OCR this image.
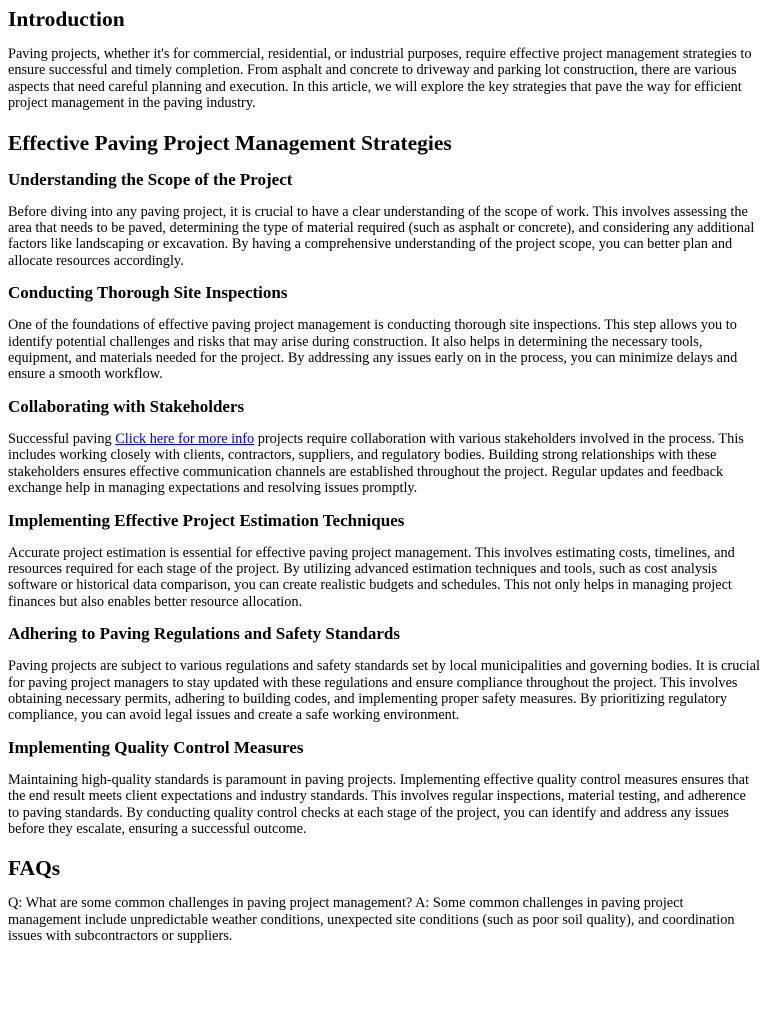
Introduction

Paving projects, whether it's for commercial, residential, or industrial purposes, require effective project management strategies to ensure successful and timely completion. From asphalt and concrete to driveway and parking lot construction, there are various aspects that need careful planning and execution. In this article, we will explore the key strategies that pave the way for efficient project management in the paving industry.

Effective Paving Project Management Strategies
Understanding the Scope of the Project

Before diving into any paving project, it is crucial to have a clear understanding of the scope of work. This involves assessing the area that needs to be paved, determining the type of material required (such as asphalt or concrete), and considering any additional factors like landscaping or excavation. By having a comprehensive understanding of the project scope, you can better plan and allocate resources accordingly.

Conducting Thorough Site Inspections

One of the foundations of effective paving project management is conducting thorough site inspections. This step allows you to identify potential challenges and risks that may arise during construction. It also helps in determining the necessary tools, equipment, and materials needed for the project. By addressing any issues early on in the process, you can minimize delays and ensure a smooth workflow.

Collaborating with Stakeholders

Successful paving Click here for more info projects require collaboration with various stakeholders involved in the process. This includes working closely with clients, contractors, suppliers, and regulatory bodies. Building strong relationships with these stakeholders ensures effective communication channels are established throughout the project. Regular updates and feedback exchange help in managing expectations and resolving issues promptly.

Implementing Effective Project Estimation Techniques

Accurate project estimation is essential for effective paving project management. This involves estimating costs, timelines, and resources required for each stage of the project. By utilizing advanced estimation techniques and tools, such as cost analysis software or historical data comparison, you can create realistic budgets and schedules. This not only helps in managing project finances but also enables better resource allocation.

Adhering to Paving Regulations and Safety Standards

Paving projects are subject to various regulations and safety standards set by local municipalities and governing bodies. It is crucial for paving project managers to stay updated with these regulations and ensure compliance throughout the project. This involves obtaining necessary permits, adhering to building codes, and implementing proper safety measures. By prioritizing regulatory compliance, you can avoid legal issues and create a safe working environment.

Implementing Quality Control Measures

Maintaining high-quality standards is paramount in paving projects. Implementing effective quality control measures ensures that the end result meets client expectations and industry standards. This involves regular inspections, material testing, and adherence to paving standards. By conducting quality control checks at each stage of the project, you can identify and address any issues before they escalate, ensuring a successful outcome.

FAQs

Q: What are some common challenges in paving project management? A: Some common challenges in paving project management include unpredictable weather conditions, unexpected site conditions (such as poor soil quality), and coordination issues with subcontractors or suppliers.
